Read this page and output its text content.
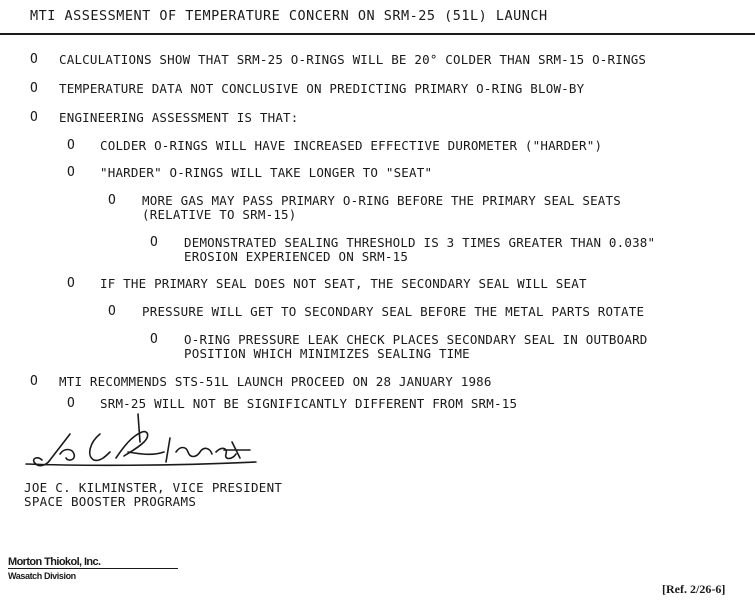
MTI ASSESSMENT OF TEMPERATURE CONCERN ON SRM-25 (51L) LAUNCH
O CALCULATIONS SHOW THAT SRM-25 O-RINGS WILL BE 20° COLDER THAN SRM-15 O-RINGS
O TEMPERATURE DATA NOT CONCLUSIVE ON PREDICTING PRIMARY O-RING BLOW-BY
O ENGINEERING ASSESSMENT IS THAT:
O COLDER O-RINGS WILL HAVE INCREASED EFFECTIVE DUROMETER ("HARDER")
O "HARDER" O-RINGS WILL TAKE LONGER TO "SEAT"
O MORE GAS MAY PASS PRIMARY O-RING BEFORE THE PRIMARY SEAL SEATS
(RELATIVE TO SRM-15)
O DEMONSTRATED SEALING THRESHOLD IS 3 TIMES GREATER THAN 0.038"
EROSION EXPERIENCED ON SRM-15
O IF THE PRIMARY SEAL DOES NOT SEAT, THE SECONDARY SEAL WILL SEAT
O PRESSURE WILL GET TO SECONDARY SEAL BEFORE THE METAL PARTS ROTATE
O O-RING PRESSURE LEAK CHECK PLACES SECONDARY SEAL IN OUTBOARD
POSITION WHICH MINIMIZES SEALING TIME
O MTI RECOMMENDS STS-51L LAUNCH PROCEED ON 28 JANUARY 1986
O SRM-25 WILL NOT BE SIGNIFICANTLY DIFFERENT FROM SRM-15
JOE C. KILMINSTER, VICE PRESIDENT
SPACE BOOSTER PROGRAMS
Morton Thiokol, Inc.
Wasatch Division
[Ref. 2/26-6]
